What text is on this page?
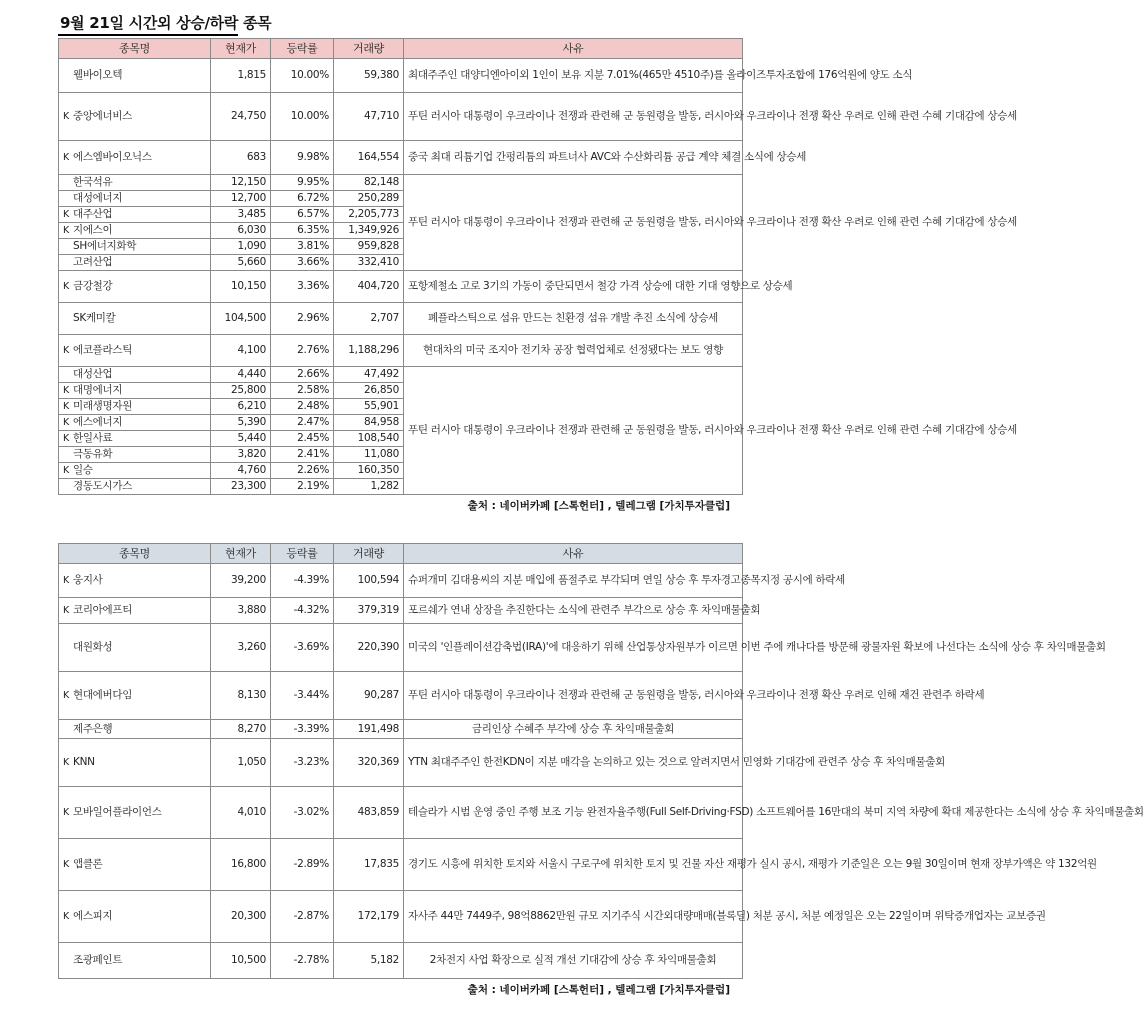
9월 21일 시간외 상승/하락 종목
종목명	현재가	등락률	거래량	사유
웰바이오텍	1,815	10.00%	59,380	최대주주인 대양디엔아이외 1인이 보유 지분 7.01%(465만 4510주)를 올라이즈투자조합에 176억원에 양도 소식
K 중앙에너비스	24,750	10.00%	47,710	푸틴 러시아 대통령이 우크라이나 전쟁과 관련해 군 동원령을 발동, 러시아와 우크라이나 전쟁 확산 우려로 인해 관련 수혜 기대감에 상승세
K 에스엠바이오닉스	683	9.98%	164,554	중국 최대 리튬기업 간펑리튬의 파트너사 AVC와 수산화리튬 공급 계약 체결 소식에 상승세
한국석유	12,150	9.95%	82,148	푸틴 러시아 대통령이 우크라이나 전쟁과 관련해 군 동원령을 발동, 러시아와 우크라이나 전쟁 확산 우려로 인해 관련 수혜 기대감에 상승세
대성에너지	12,700	6.72%	250,289	
K 대주산업	3,485	6.57%	2,205,773	
K 지에스이	6,030	6.35%	1,349,926	
SH에너지화학	1,090	3.81%	959,828	
고려산업	5,660	3.66%	332,410	
K 금강철강	10,150	3.36%	404,720	포항제철소 고로 3기의 가동이 중단되면서 철강 가격 상승에 대한 기대 영향으로 상승세
SK케미칼	104,500	2.96%	2,707	폐플라스틱으로 섬유 만드는 친환경 섬유 개발 추진 소식에 상승세
K 에코플라스틱	4,100	2.76%	1,188,296	현대차의 미국 조지아 전기차 공장 협력업체로 선정됐다는 보도 영향
대성산업	4,440	2.66%	47,492	푸틴 러시아 대통령이 우크라이나 전쟁과 관련해 군 동원령을 발동, 러시아와 우크라이나 전쟁 확산 우려로 인해 관련 수혜 기대감에 상승세
K 대명에너지	25,800	2.58%	26,850	
K 미래생명자원	6,210	2.48%	55,901	
K 에스에너지	5,390	2.47%	84,958	
K 한일사료	5,440	2.45%	108,540	
극동유화	3,820	2.41%	11,080	
K 일승	4,760	2.26%	160,350	
경동도시가스	23,300	2.19%	1,282	
출처 : 네이버카페 [스톡헌터] , 텔레그램 [가치투자클럽]
종목명	현재가	등락률	거래량	사유
K 웅지사	39,200	-4.39%	100,594	슈퍼개미 김대용씨의 지분 매입에 품절주로 부각되며 연일 상승 후 투자경고종목지정 공시에 하락세
K 코리아에프티	3,880	-4.32%	379,319	포르쉐가 연내 상장을 추진한다는 소식에 관련주 부각으로 상승 후 차익매물출회
대원화성	3,260	-3.69%	220,390	미국의 '인플레이션감축법(IRA)'에 대응하기 위해 산업통상자원부가 이르면 이번 주에 캐나다를 방문해 광물자원 확보에 나선다는 소식에 상승 후 차익매물출회
K 현대에버다임	8,130	-3.44%	90,287	푸틴 러시아 대통령이 우크라이나 전쟁과 관련해 군 동원령을 발동, 러시아와 우크라이나 전쟁 확산 우려로 인해 재건 관련주 하락세
제주은행	8,270	-3.39%	191,498	금리인상 수혜주 부각에 상승 후 차익매물출회
K KNN	1,050	-3.23%	320,369	YTN 최대주주인 한전KDN이 지분 매각을 논의하고 있는 것으로 알려지면서 민영화 기대감에 관련주 상승 후 차익매물출회
K 모바일어플라이언스	4,010	-3.02%	483,859	테슬라가 시범 운영 중인 주행 보조 기능 완전자율주행(Full Self-Driving·FSD) 소프트웨어를 16만대의 북미 지역 차량에 확대 제공한다는 소식에 상승 후 차익매물출회
K 앱클론	16,800	-2.89%	17,835	경기도 시흥에 위치한 토지와 서울시 구로구에 위치한 토지 및 건물 자산 재평가 실시 공시, 재평가 기준일은 오는 9월 30일이며 현재 장부가액은 약 132억원
K 에스피지	20,300	-2.87%	172,179	자사주 44만 7449주, 98억8862만원 규모 지기주식 시간외대량매매(블록딜) 처분 공시, 처분 예정일은 오는 22일이며 위탁증개업자는 교보증권
조광페인트	10,500	-2.78%	5,182	2차전지 사업 확장으로 실적 개선 기대감에 상승 후 차익매물출회
출처 : 네이버카페 [스톡헌터] , 텔레그램 [가치투자클럽]
